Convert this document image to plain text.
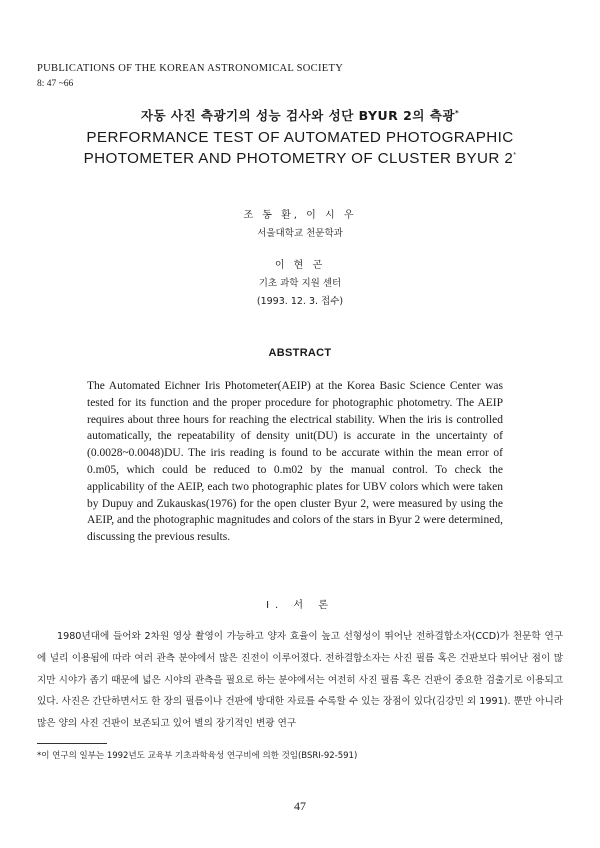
PUBLICATIONS OF THE KOREAN ASTRONOMICAL SOCIETY
8: 47 ~66
자동 사진 측광기의 성능 검사와 성단 BYUR 2의 측광*
PERFORMANCE TEST OF AUTOMATED PHOTOGRAPHIC
PHOTOMETER AND PHOTOMETRY OF CLUSTER BYUR 2*
조 동 환, 이 시 우
서울대학교 천문학과
이 현 곤
기초 과학 지원 센터
(1993. 12. 3. 접수)
ABSTRACT

The Automated Eichner Iris Photometer(AEIP) at the Korea Basic Science Center was tested for its function and the proper procedure for photographic photometry. The AEIP requires about three hours for reaching the electrical stability. When the iris is controlled automatically, the repeatability of density unit(DU) is accurate in the uncertainty of (0.0028~0.0048)DU. The iris reading is found to be accurate within the mean error of 0.m05, which could be reduced to 0.m02 by the manual control. To check the applicability of the AEIP, each two photographic plates for UBV colors which were taken by Dupuy and Zukauskas(1976) for the open cluster Byur 2, were measured by using the AEIP, and the photographic magnitudes and colors of the stars in Byur 2 were determined, discussing the previous results.

I. 서 론

1980년대에 들어와 2차원 영상 촬영이 가능하고 양자 효율이 높고 선형성이 뛰어난 전하결합소자(CCD)가 천문학 연구에 널리 이용됨에 따라 여러 관측 분야에서 많은 진전이 이루어졌다. 전하결합소자는 사진 필름 혹은 건판보다 뛰어난 점이 많지만 시야가 좁기 때문에 넓은 시야의 관측을 필요로 하는 분야에서는 여전히 사진 필름 혹은 건판이 중요한 검출기로 이용되고 있다. 사진은 간단하면서도 한 장의 필름이나 건판에 방대한 자료를 수록할 수 있는 장점이 있다(김강민 외 1991). 뿐만 아니라 많은 양의 사진 건판이 보존되고 있어 별의 장기적인 변광 연구

*이 연구의 일부는 1992년도 교육부 기초과학육성 연구비에 의한 것임(BSRI-92-591)
47
